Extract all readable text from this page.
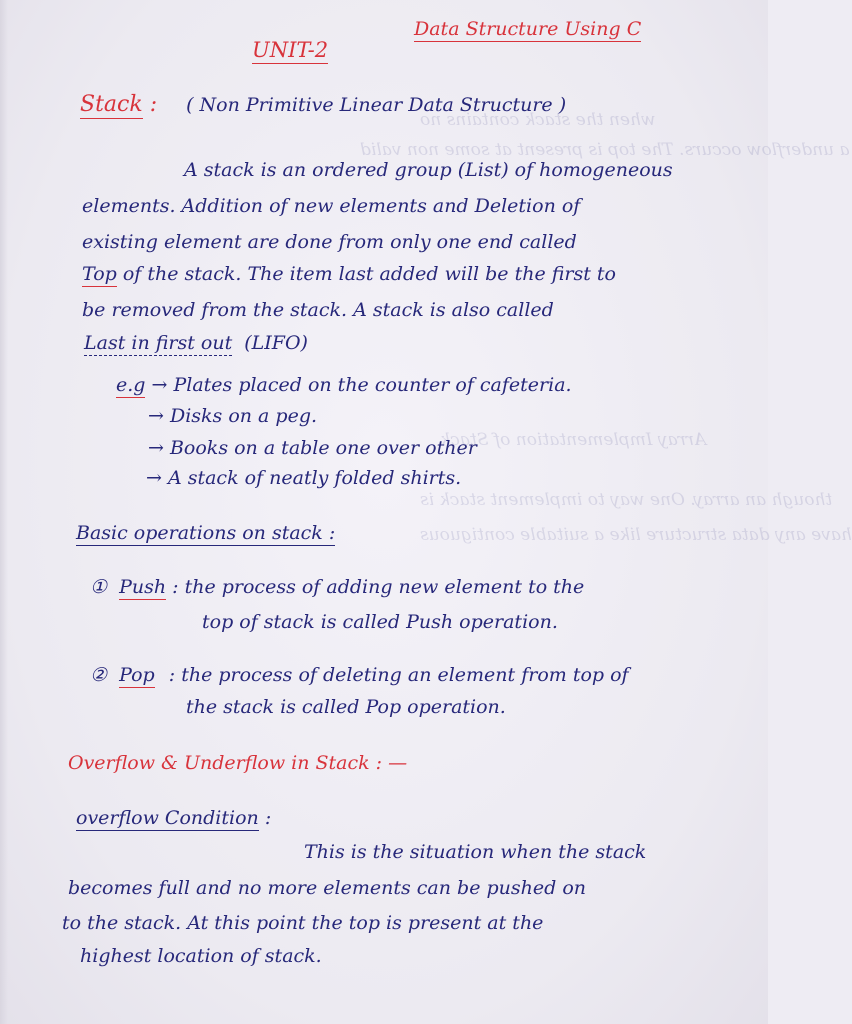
when the stack contains no
a underflow occurs. The top is present at some non valid
Array Implementation of Stack
though an array. One way to implement stack is
have any data structure like a suitable contiguous
Data Structure Using C
UNIT-2
Stack : ( Non Primitive Linear Data Structure )
A stack is an ordered group (List) of homogeneous
elements. Addition of new elements and Deletion of
existing element are done from only one end called
Top of the stack. The item last added will be the first to
be removed from the stack. A stack is also called
Last in first out (LIFO)
e.g → Plates placed on the counter of cafeteria.
→ Disks on a peg.
→ Books on a table one over other
→ A stack of neatly folded shirts.
Basic operations on stack :
① Push : the process of adding new element to the
top of stack is called Push operation.
② Pop : the process of deleting an element from top of
the stack is called Pop operation.
Overflow & Underflow in Stack : —
overflow Condition :
This is the situation when the stack
becomes full and no more elements can be pushed on
to the stack. At this point the top is present at the
highest location of stack.
